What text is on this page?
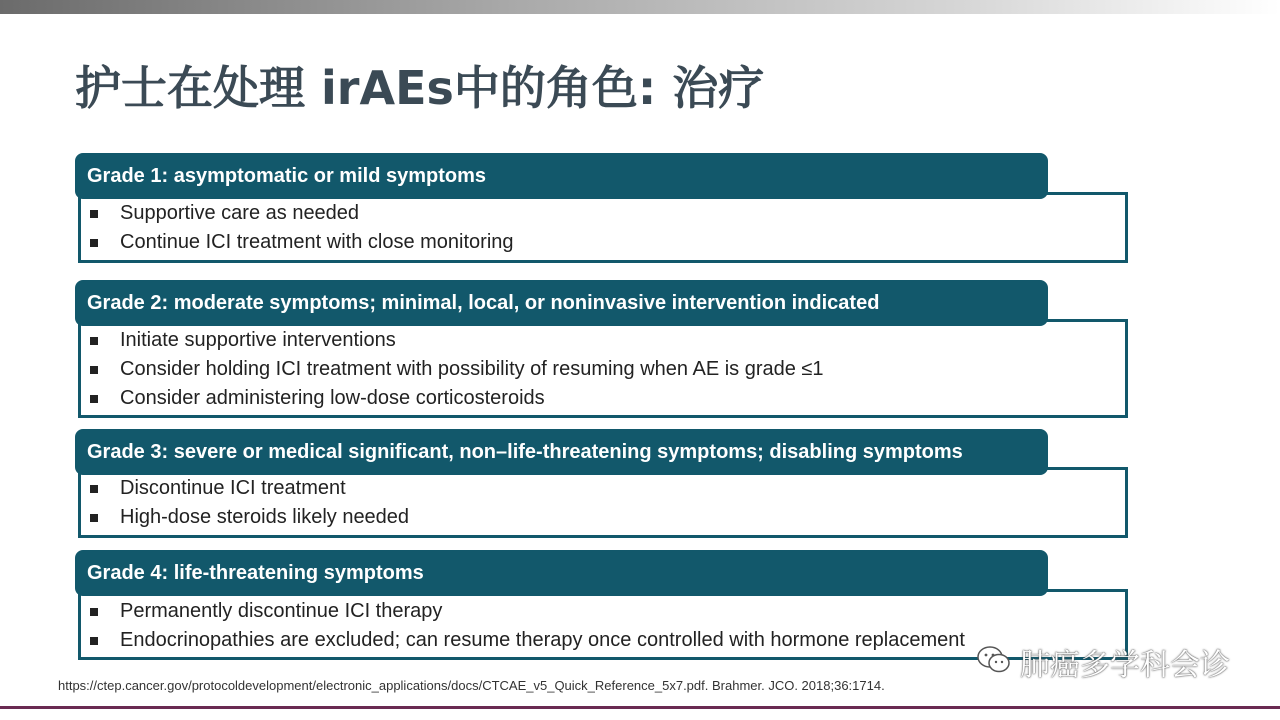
护士在处理 irAEs中的角色: 治疗
Grade 1: asymptomatic or mild symptoms
Supportive care as needed
Continue ICI treatment with close monitoring
Grade 2: moderate symptoms; minimal, local, or noninvasive intervention indicated
Initiate supportive interventions
Consider holding ICI treatment with possibility of resuming when AE is grade ≤1
Consider administering low-dose corticosteroids
Grade 3: severe or medical significant, non–life-threatening symptoms; disabling symptoms
Discontinue ICI treatment
High-dose steroids likely needed
Grade 4: life-threatening symptoms
Permanently discontinue ICI therapy
Endocrinopathies are excluded; can resume therapy once controlled with hormone replacement
https://ctep.cancer.gov/protocoldevelopment/electronic_applications/docs/CTCAE_v5_Quick_Reference_5x7.pdf. Brahmer. JCO. 2018;36:1714.
肺癌多学科会诊
